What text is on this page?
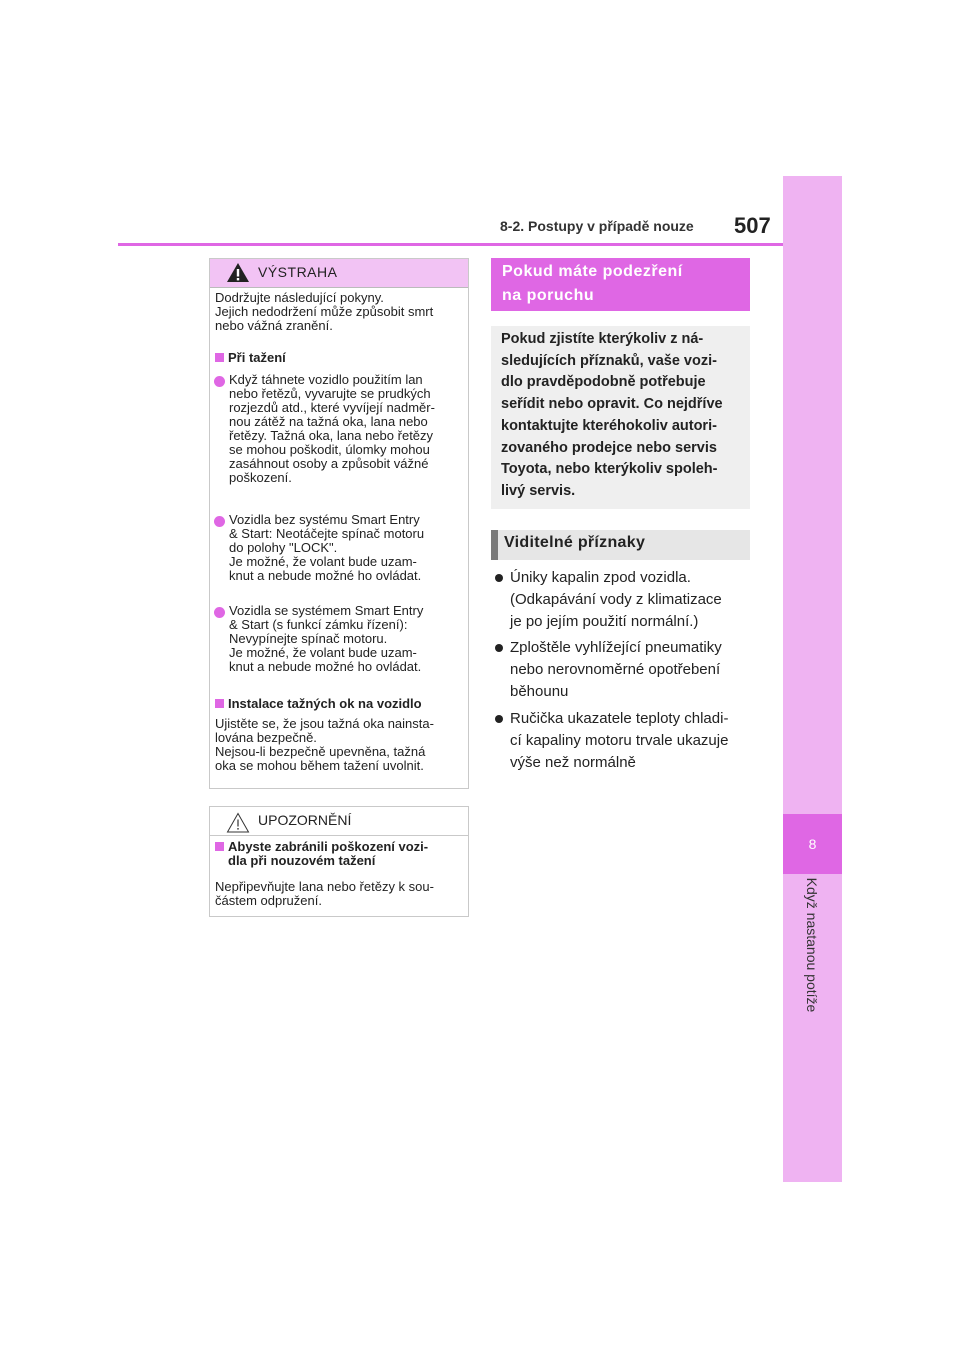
8
Když nastanou potíže
8-2. Postupy v případě nouze 507
VÝSTRAHA
Dodržujte následující pokyny.
Jejich nedodržení může způsobit smrt
nebo vážná zranění.
Při tažení
Když táhnete vozidlo použitím lan
nebo řetězů, vyvarujte se prudkých
rozjezdů atd., které vyvíjejí nadměr-
nou zátěž na tažná oka, lana nebo
řetězy. Tažná oka, lana nebo řetězy
se mohou poškodit, úlomky mohou
zasáhnout osoby a způsobit vážné
poškození.
Vozidla bez systému Smart Entry
& Start: Neotáčejte spínač motoru
do polohy "LOCK".
Je možné, že volant bude uzam-
knut a nebude možné ho ovládat.
Vozidla se systémem Smart Entry
& Start (s funkcí zámku řízení):
Nevypínejte spínač motoru.
Je možné, že volant bude uzam-
knut a nebude možné ho ovládat.
Instalace tažných ok na vozidlo
Ujistěte se, že jsou tažná oka nainsta-
lována bezpečně.
Nejsou-li bezpečně upevněna, tažná
oka se mohou během tažení uvolnit.
UPOZORNĚNÍ
Abyste zabránili poškození vozi-
dla při nouzovém tažení
Nepřipevňujte lana nebo řetězy k sou-
částem odpružení.
Pokud máte podezření
na poruchu
Pokud zjistíte kterýkoliv z ná-
sledujících příznaků, vaše vozi-
dlo pravděpodobně potřebuje
seřídit nebo opravit. Co nejdříve
kontaktujte kteréhokoliv autori-
zovaného prodejce nebo servis
Toyota, nebo kterýkoliv spoleh-
livý servis.
Viditelné příznaky
Úniky kapalin zpod vozidla.
(Odkapávání vody z klimatizace
je po jejím použití normální.)
Zploštěle vyhlížející pneumatiky
nebo nerovnoměrné opotřebení
běhounu
Ručička ukazatele teploty chladi-
cí kapaliny motoru trvale ukazuje
výše než normálně
